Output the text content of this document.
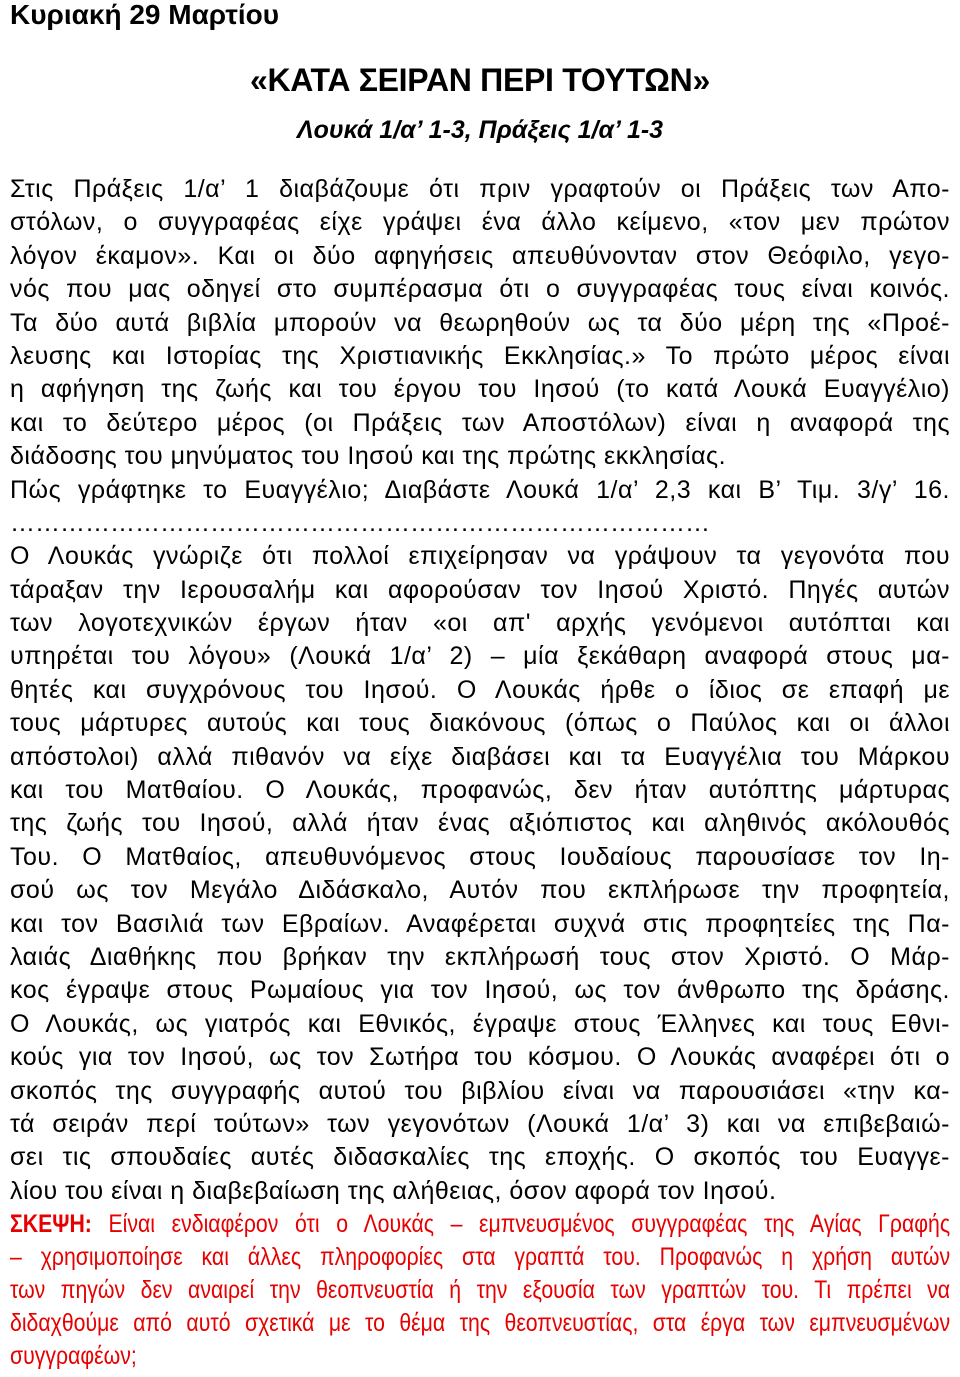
Κυριακή 29 Μαρτίου
«ΚΑΤΑ ΣΕΙΡΑΝ ΠΕΡΙ ΤΟΥΤΩΝ»
Λουκά 1/α’ 1-3, Πράξεις 1/α’ 1-3
Στις Πράξεις 1/α’ 1 διαβάζουμε ότι πριν γραφτούν οι Πράξεις των Απο-
στόλων, ο συγγραφέας είχε γράψει ένα άλλο κείμενο, «τον μεν πρώτον
λόγον έκαμον». Και οι δύο αφηγήσεις απευθύνονταν στον Θεόφιλο, γεγο-
νός που μας οδηγεί στο συμπέρασμα ότι ο συγγραφέας τους είναι κοινός.
Τα δύο αυτά βιβλία μπορούν να θεωρηθούν ως τα δύο μέρη της «Προέ-
λευσης και Ιστορίας της Χριστιανικής Εκκλησίας.» Το πρώτο μέρος είναι
η αφήγηση της ζωής και του έργου του Ιησού (το κατά Λουκά Ευαγγέλιο)
και το δεύτερο μέρος (οι Πράξεις των Αποστόλων) είναι η αναφορά της
διάδοσης του μηνύματος του Ιησού και της πρώτης εκκλησίας.
Πώς γράφτηκε το Ευαγγέλιο; Διαβάστε Λουκά 1/α’ 2,3 και Β’ Τιμ. 3/γ’ 16.
…………………………………………………………………………
Ο Λουκάς γνώριζε ότι πολλοί επιχείρησαν να γράψουν τα γεγονότα που
τάραξαν την Ιερουσαλήμ και αφορούσαν τον Ιησού Χριστό. Πηγές αυτών
των λογοτεχνικών έργων ήταν «οι απ' αρχής γενόμενοι αυτόπται και
υπηρέται του λόγου» (Λουκά 1/α’ 2) – μία ξεκάθαρη αναφορά στους μα-
θητές και συγχρόνους του Ιησού. Ο Λουκάς ήρθε ο ίδιος σε επαφή με
τους μάρτυρες αυτούς και τους διακόνους (όπως ο Παύλος και οι άλλοι
απόστολοι) αλλά πιθανόν να είχε διαβάσει και τα Ευαγγέλια του Μάρκου
και του Ματθαίου. Ο Λουκάς, προφανώς, δεν ήταν αυτόπτης μάρτυρας
της ζωής του Ιησού, αλλά ήταν ένας αξιόπιστος και αληθινός ακόλουθός
Του. Ο Ματθαίος, απευθυνόμενος στους Ιουδαίους παρουσίασε τον Ιη-
σού ως τον Μεγάλο Διδάσκαλο, Αυτόν που εκπλήρωσε την προφητεία,
και τον Βασιλιά των Εβραίων. Αναφέρεται συχνά στις προφητείες της Πα-
λαιάς Διαθήκης που βρήκαν την εκπλήρωσή τους στον Χριστό. Ο Μάρ-
κος έγραψε στους Ρωμαίους για τον Ιησού, ως τον άνθρωπο της δράσης.
Ο Λουκάς, ως γιατρός και Εθνικός, έγραψε στους Έλληνες και τους Εθνι-
κούς για τον Ιησού, ως τον Σωτήρα του κόσμου. Ο Λουκάς αναφέρει ότι ο
σκοπός της συγγραφής αυτού του βιβλίου είναι να παρουσιάσει «την κα-
τά σειράν περί τούτων» των γεγονότων (Λουκά 1/α’ 3) και να επιβεβαιώ-
σει τις σπουδαίες αυτές διδασκαλίες της εποχής. Ο σκοπός του Ευαγγε-
λίου του είναι η διαβεβαίωση της αλήθειας, όσον αφορά τον Ιησού.
ΣΚΕΨΗ: Είναι ενδιαφέρον ότι ο Λουκάς – εμπνευσμένος συγγραφέας της Αγίας Γραφής
– χρησιμοποίησε και άλλες πληροφορίες στα γραπτά του. Προφανώς η χρήση αυτών
των πηγών δεν αναιρεί την θεοπνευστία ή την εξουσία των γραπτών του. Τι πρέπει να
διδαχθούμε από αυτό σχετικά με το θέμα της θεοπνευστίας, στα έργα των εμπνευσμένων
συγγραφέων;
